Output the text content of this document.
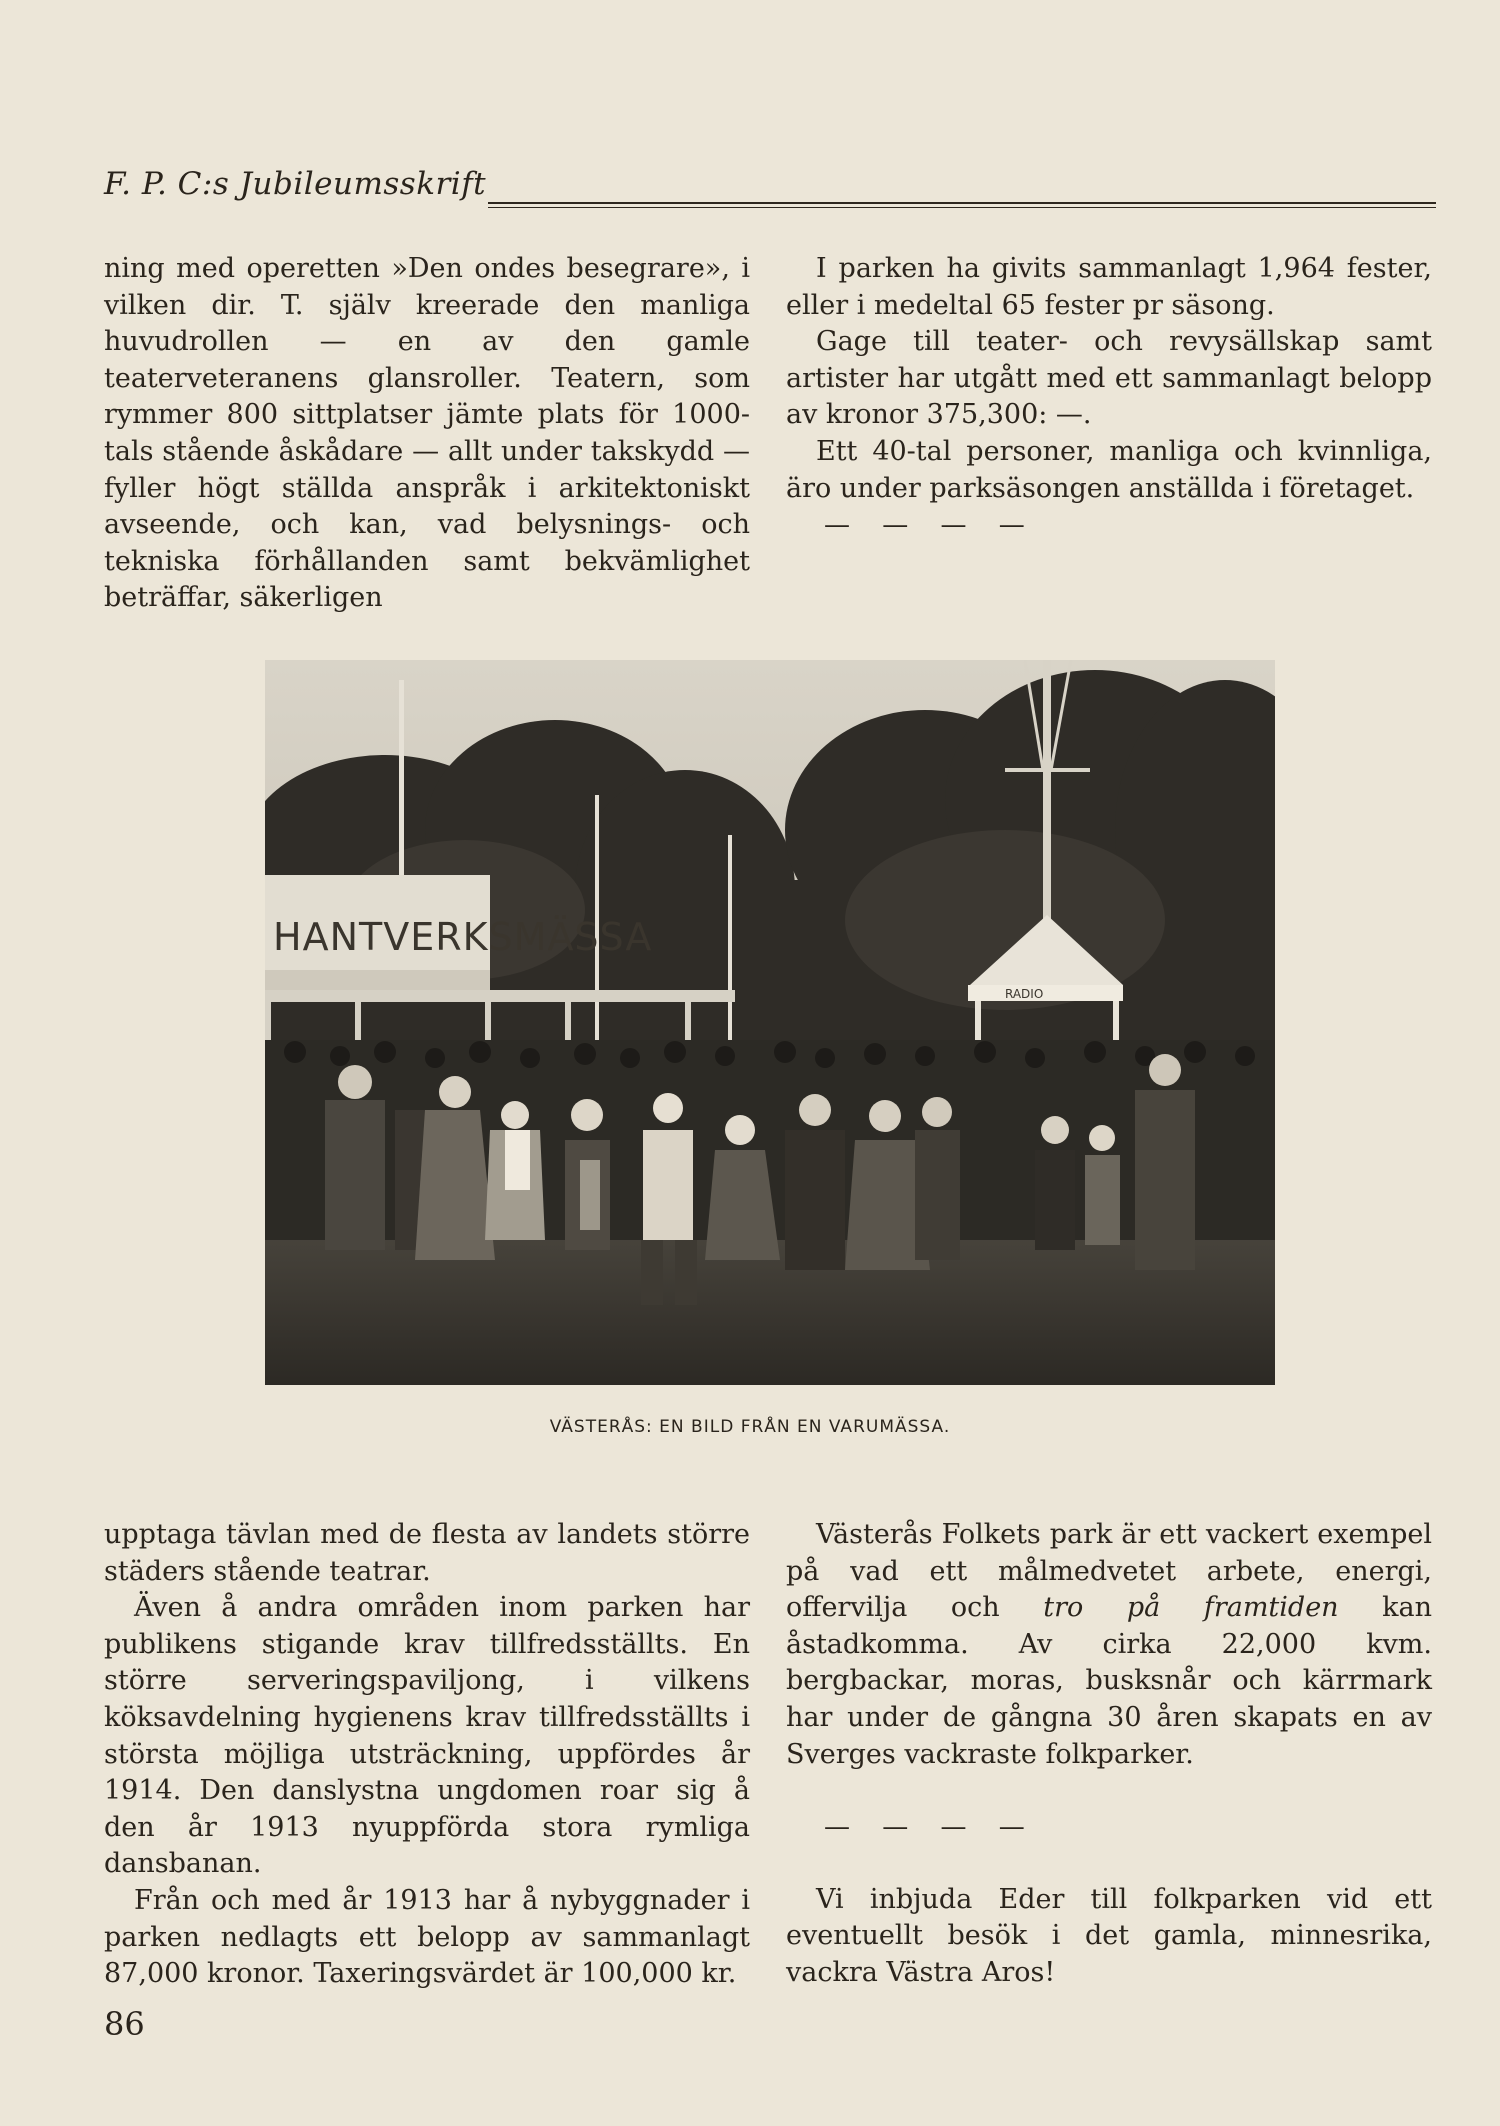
F. P. C:s Jubileumsskrift

ning med operetten »Den ondes besegrare», i vilken dir. T. själv kreerade den manliga huvudrollen — en av den gamle teaterveteranens glansroller. Teatern, som rymmer 800 sittplatser jämte plats för 1000-tals stående åskådare — allt under takskydd — fyller högt ställda anspråk i arkitektoniskt avseende, och kan, vad belysnings- och tekniska förhållanden samt bekvämlighet beträffar, säkerligen

I parken ha givits sammanlagt 1,964 fester, eller i medeltal 65 fester pr säsong.

Gage till teater- och revysällskap samt artister har utgått med ett sammanlagt belopp av kronor 375,300: —.

Ett 40-tal personer, manliga och kvinnliga, äro under parksäsongen anställda i företaget.

— — — —

HANTVERKSMÄSSA
RADIO
VÄSTERÅS: EN BILD FRÅN EN VARUMÄSSA.

upptaga tävlan med de flesta av landets större städers stående teatrar.

Även å andra områden inom parken har publikens stigande krav tillfredsställts. En större serveringspaviljong, i vilkens köksavdelning hygienens krav tillfredsställts i största möjliga utsträckning, uppfördes år 1914. Den danslystna ungdomen roar sig å den år 1913 nyuppförda stora rymliga dansbanan.

Från och med år 1913 har å nybyggnader i parken nedlagts ett belopp av sammanlagt 87,000 kronor. Taxeringsvärdet är 100,000 kr.

Västerås Folkets park är ett vackert exempel på vad ett målmedvetet arbete, energi, offervilja och tro på framtiden kan åstadkomma. Av cirka 22,000 kvm. bergbackar, moras, busksnår och kärrmark har under de gångna 30 åren skapats en av Sverges vackraste folkparker.

— — — —

Vi inbjuda Eder till folkparken vid ett eventuellt besök i det gamla, minnesrika, vackra Västra Aros!

86
